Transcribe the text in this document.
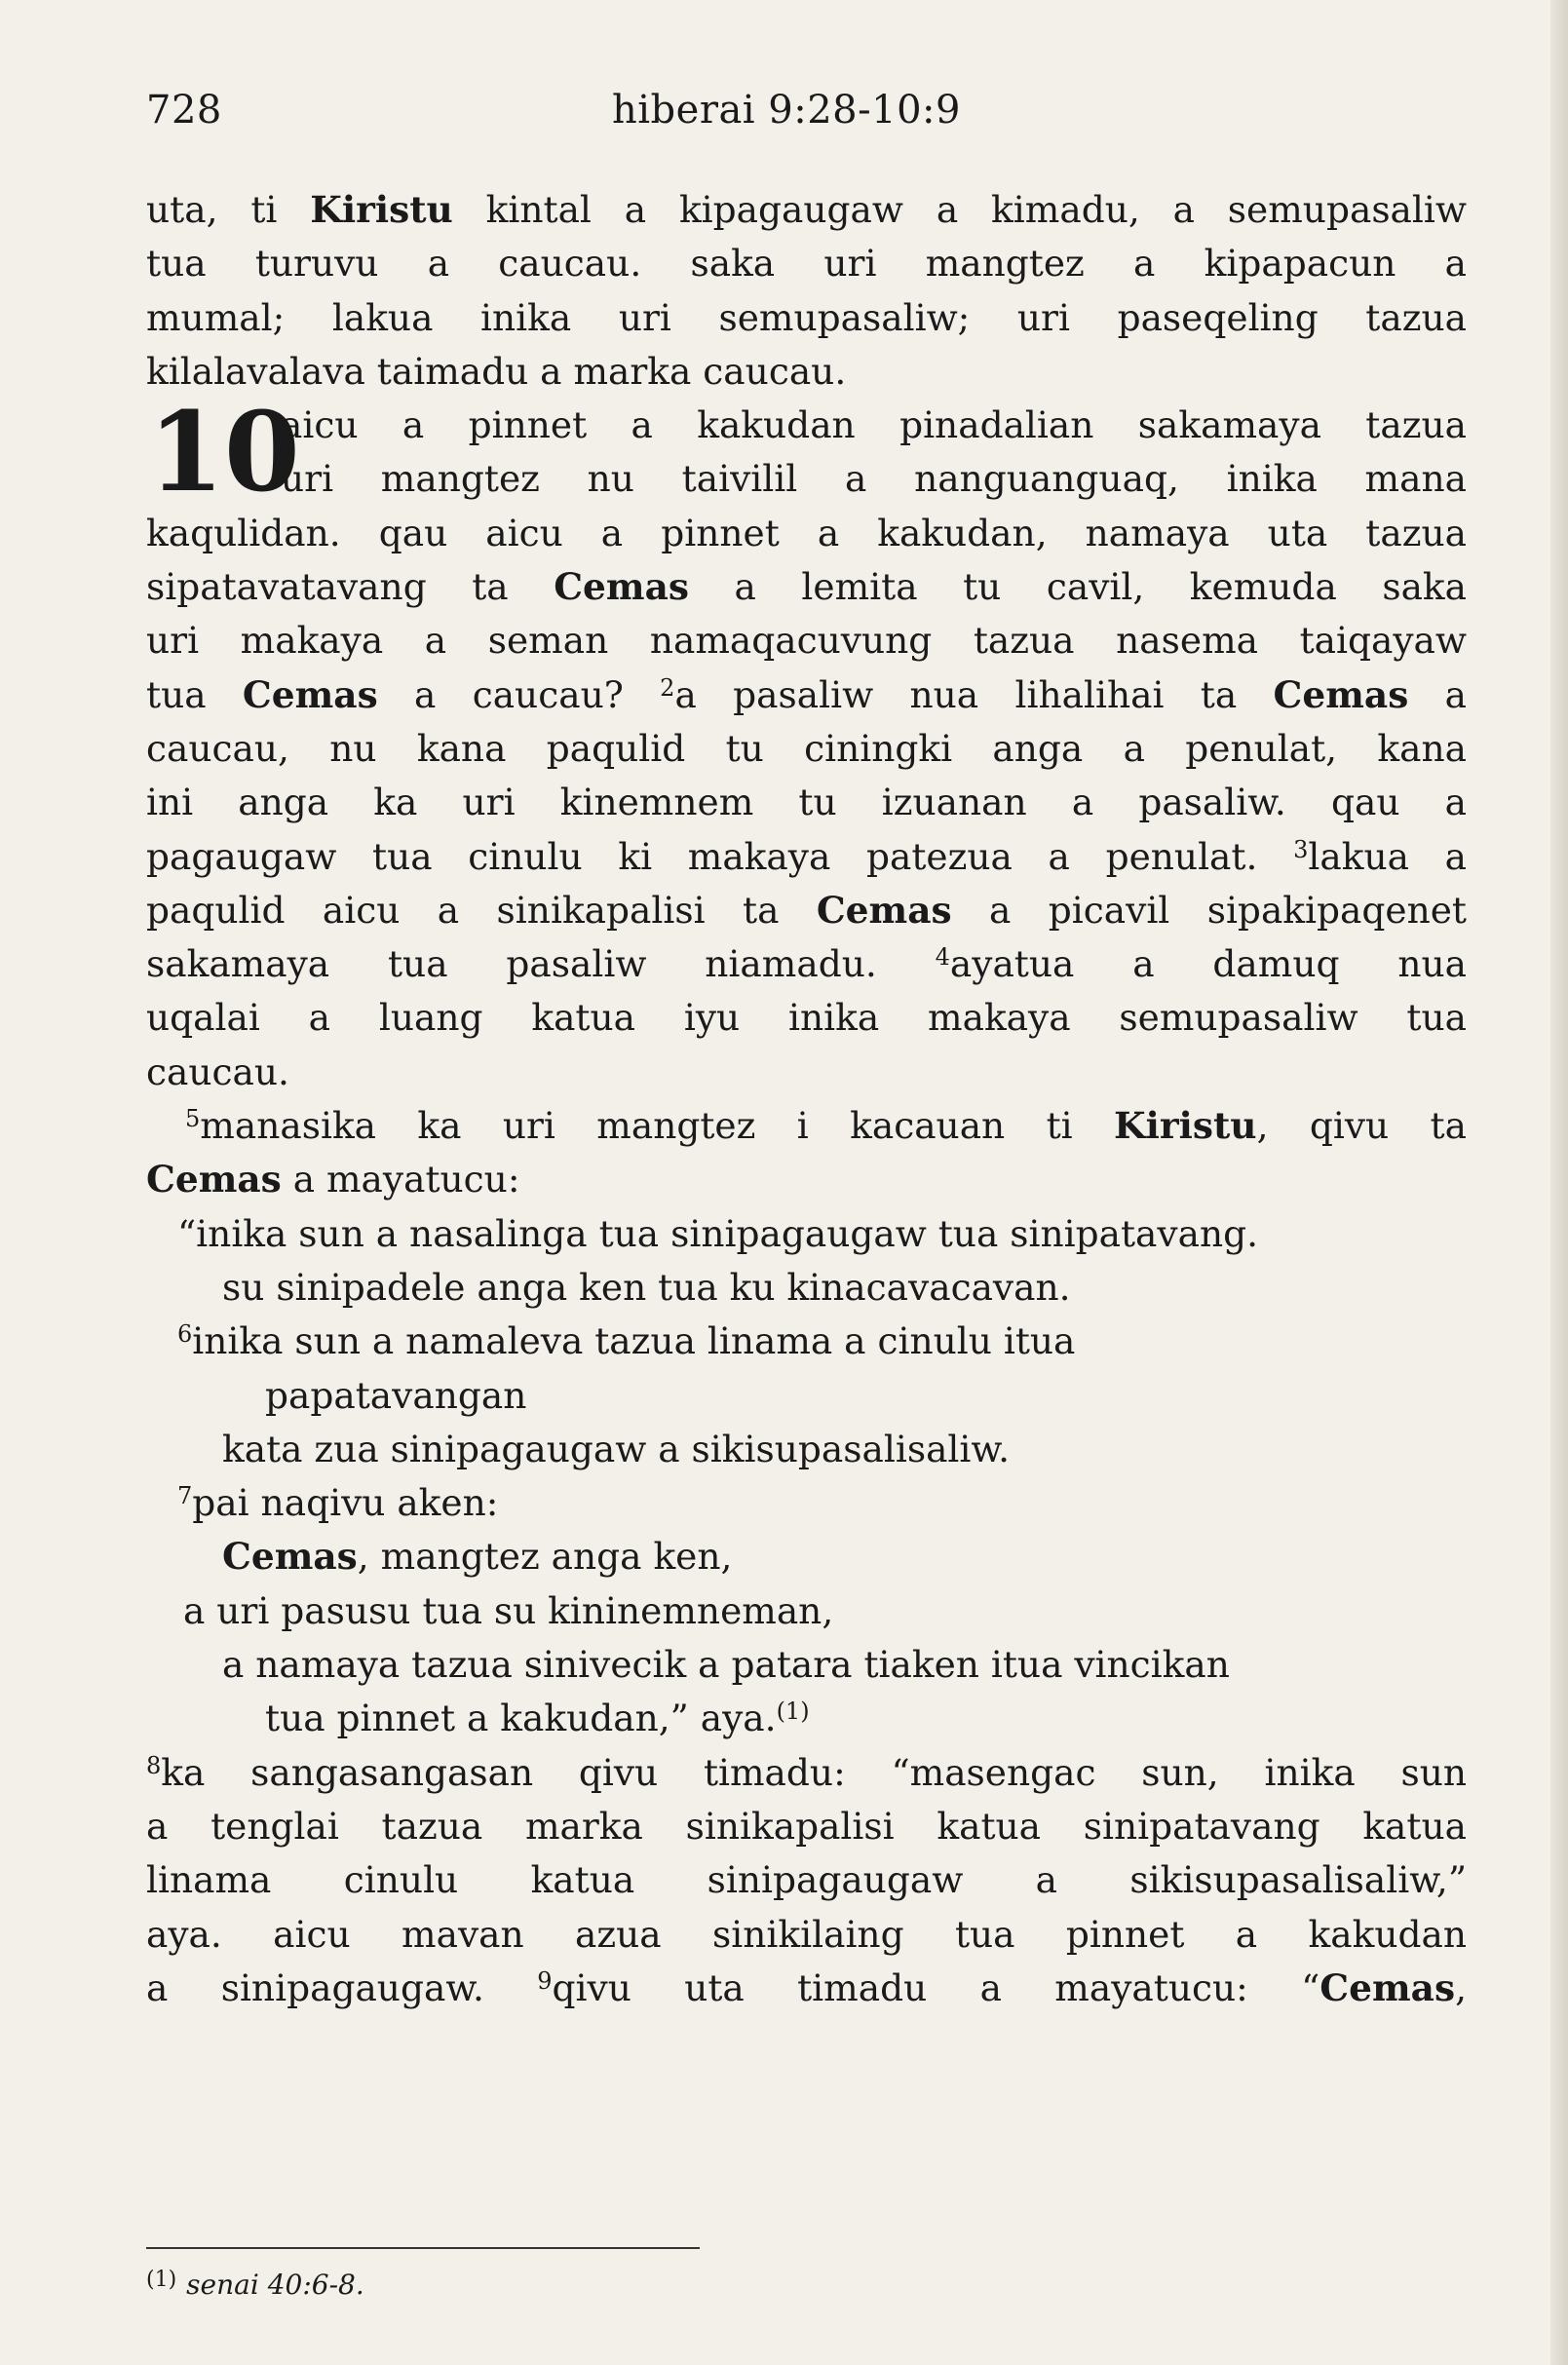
728	hiberai 9:28-10:9
uta, ti Kiristu kintal a kipagaugaw a kimadu, a semupasaliw
tua turuvu a caucau. saka uri mangtez a kipapacun a
mumal; lakua inika uri semupasaliw; uri paseqeling tazua
kilalavalava taimadu a marka caucau.
10
aicu a pinnet a kakudan pinadalian sakamaya tazua
uri mangtez nu taivilil a nanguanguaq, inika mana
kaqulidan. qau aicu a pinnet a kakudan, namaya uta tazua
sipatavatavang ta Cemas a lemita tu cavil, kemuda saka
uri makaya a seman namaqacuvung tazua nasema taiqayaw
tua Cemas a caucau? $^2$a pasaliw nua lihalihai ta Cemas a
caucau, nu kana paqulid tu ciningki anga a penulat, kana
ini anga ka uri kinemnem tu izuanan a pasaliw. qau a
pagaugaw tua cinulu ki makaya patezua a penulat. $^3$lakua a
paqulid aicu a sinikapalisi ta Cemas a picavil sipakipaqenet
sakamaya tua pasaliw niamadu. $^4$ayatua a damuq nua
uqalai a luang katua iyu inika makaya semupasaliw tua
caucau.
$^5$manasika ka uri mangtez i kacauan ti Kiristu, qivu ta
Cemas a mayatucu:
“inika sun a nasalinga tua sinipagaugaw tua sinipatavang.
su sinipadele anga ken tua ku kinacavacavan.
$^6$inika sun a namaleva tazua linama a cinulu itua
papatavangan
kata zua sinipagaugaw a sikisupasalisaliw.
$^7$pai naqivu aken:
Cemas, mangtez anga ken,
a uri pasusu tua su kininemneman,
a namaya tazua sinivecik a patara tiaken itua vincikan
tua pinnet a kakudan,” aya.$^{(1)}$
$^8$ka sangasangasan qivu timadu: “masengac sun, inika sun
a tenglai tazua marka sinikapalisi katua sinipatavang katua
linama cinulu katua sinipagaugaw a sikisupasalisaliw,”
aya. aicu mavan azua sinikilaing tua pinnet a kakudan
a sinipagaugaw. $^9$qivu uta timadu a mayatucu: “Cemas,
$^{(1)}$ senai 40:6-8.
